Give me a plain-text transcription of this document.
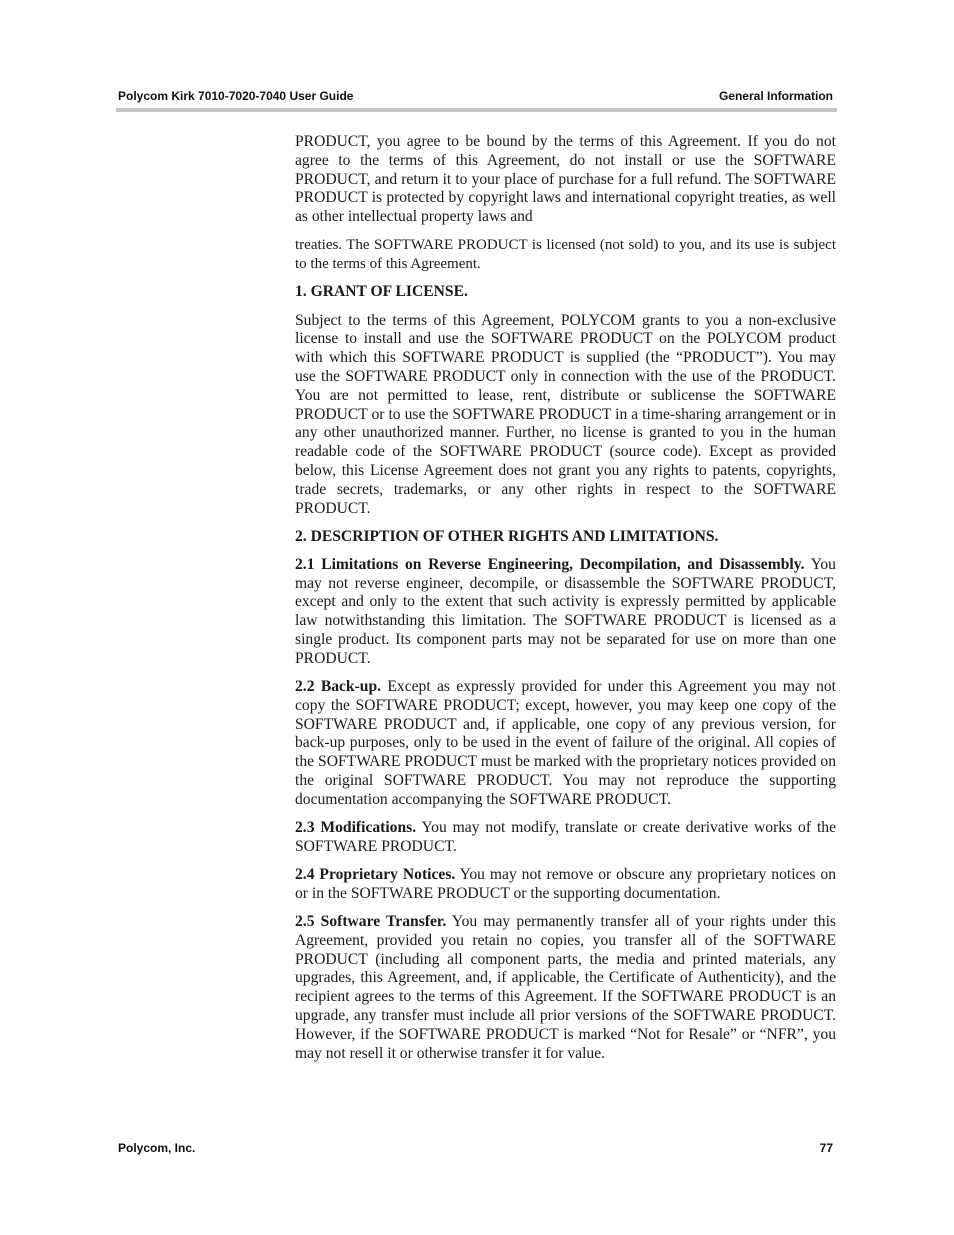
Polycom Kirk 7010-7020-7040 User Guide	General Information

PRODUCT, you agree to be bound by the terms of this Agreement. If you do not agree to the terms of this Agreement, do not install or use the SOFTWARE PRODUCT, and return it to your place of purchase for a full refund. The SOFTWARE PRODUCT is protected by copyright laws and international copyright treaties, as well as other intellectual property laws and

treaties. The SOFTWARE PRODUCT is licensed (not sold) to you, and its use is subject to the terms of this Agreement.

1. GRANT OF LICENSE.

Subject to the terms of this Agreement, POLYCOM grants to you a non-exclusive license to install and use the SOFTWARE PRODUCT on the POLYCOM product with which this SOFTWARE PRODUCT is supplied (the “PRODUCT”). You may use the SOFTWARE PRODUCT only in connection with the use of the PRODUCT. You are not permitted to lease, rent, distribute or sublicense the SOFTWARE PRODUCT or to use the SOFTWARE PRODUCT in a time-sharing arrangement or in any other unauthorized manner. Further, no license is granted to you in the human readable code of the SOFTWARE PRODUCT (source code). Except as provided below, this License Agreement does not grant you any rights to patents, copyrights, trade secrets, trademarks, or any other rights in respect to the SOFTWARE PRODUCT.

2. DESCRIPTION OF OTHER RIGHTS AND LIMITATIONS.

2.1 Limitations on Reverse Engineering, Decompilation, and Disassembly. You may not reverse engineer, decompile, or disassemble the SOFTWARE PRODUCT, except and only to the extent that such activity is expressly permitted by applicable law notwithstanding this limitation. The SOFTWARE PRODUCT is licensed as a single product. Its component parts may not be separated for use on more than one PRODUCT.

2.2 Back-up. Except as expressly provided for under this Agreement you may not copy the SOFTWARE PRODUCT; except, however, you may keep one copy of the SOFTWARE PRODUCT and, if applicable, one copy of any previous version, for back-up purposes, only to be used in the event of failure of the original. All copies of the SOFTWARE PRODUCT must be marked with the proprietary notices provided on the original SOFTWARE PRODUCT. You may not reproduce the supporting documentation accompanying the SOFTWARE PRODUCT.

2.3 Modifications. You may not modify, translate or create derivative works of the SOFTWARE PRODUCT.

2.4 Proprietary Notices. You may not remove or obscure any proprietary notices on or in the SOFTWARE PRODUCT or the supporting documentation.

2.5 Software Transfer. You may permanently transfer all of your rights under this Agreement, provided you retain no copies, you transfer all of the SOFTWARE PRODUCT (including all component parts, the media and printed materials, any upgrades, this Agreement, and, if applicable, the Certificate of Authenticity), and the recipient agrees to the terms of this Agreement. If the SOFTWARE PRODUCT is an upgrade, any transfer must include all prior versions of the SOFTWARE PRODUCT. However, if the SOFTWARE PRODUCT is marked “Not for Resale” or “NFR”, you may not resell it or otherwise transfer it for value.

Polycom, Inc.	77
